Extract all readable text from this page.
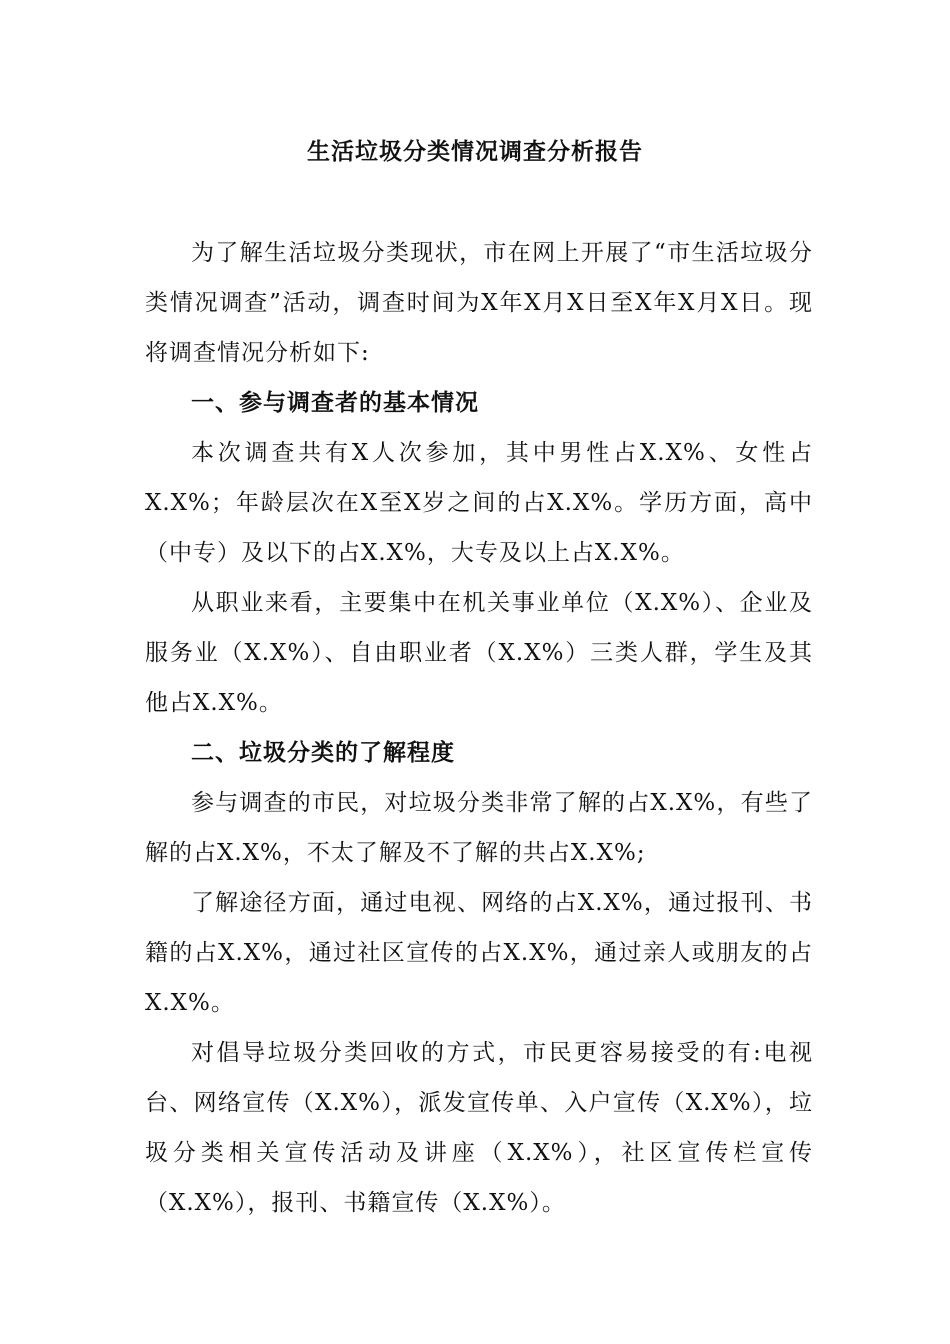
生活垃圾分类情况调查分析报告

为了解生活垃圾分类现状，市在网上开展了“市生活垃圾分类情况调查”活动，调查时间为X年X月X日至X年X月X日。现将调查情况分析如下:

一、参与调查者的基本情况

本次调查共有X人次参加，其中男性占X.X%、女性占X.X%；年龄层次在X至X岁之间的占X.X%。学历方面，高中（中专）及以下的占X.X%，大专及以上占X.X%。

从职业来看，主要集中在机关事业单位（X.X%）、企业及服务业（X.X%）、自由职业者（X.X%）三类人群，学生及其他占X.X%。

二、垃圾分类的了解程度

参与调查的市民，对垃圾分类非常了解的占X.X%，有些了解的占X.X%，不太了解及不了解的共占X.X%;

了解途径方面，通过电视、网络的占X.X%，通过报刊、书籍的占X.X%，通过社区宣传的占X.X%，通过亲人或朋友的占X.X%。

对倡导垃圾分类回收的方式，市民更容易接受的有:电视台、网络宣传（X.X%），派发宣传单、入户宣传（X.X%），垃圾分类相关宣传活动及讲座（X.X%），社区宣传栏宣传（X.X%），报刊、书籍宣传（X.X%）。
